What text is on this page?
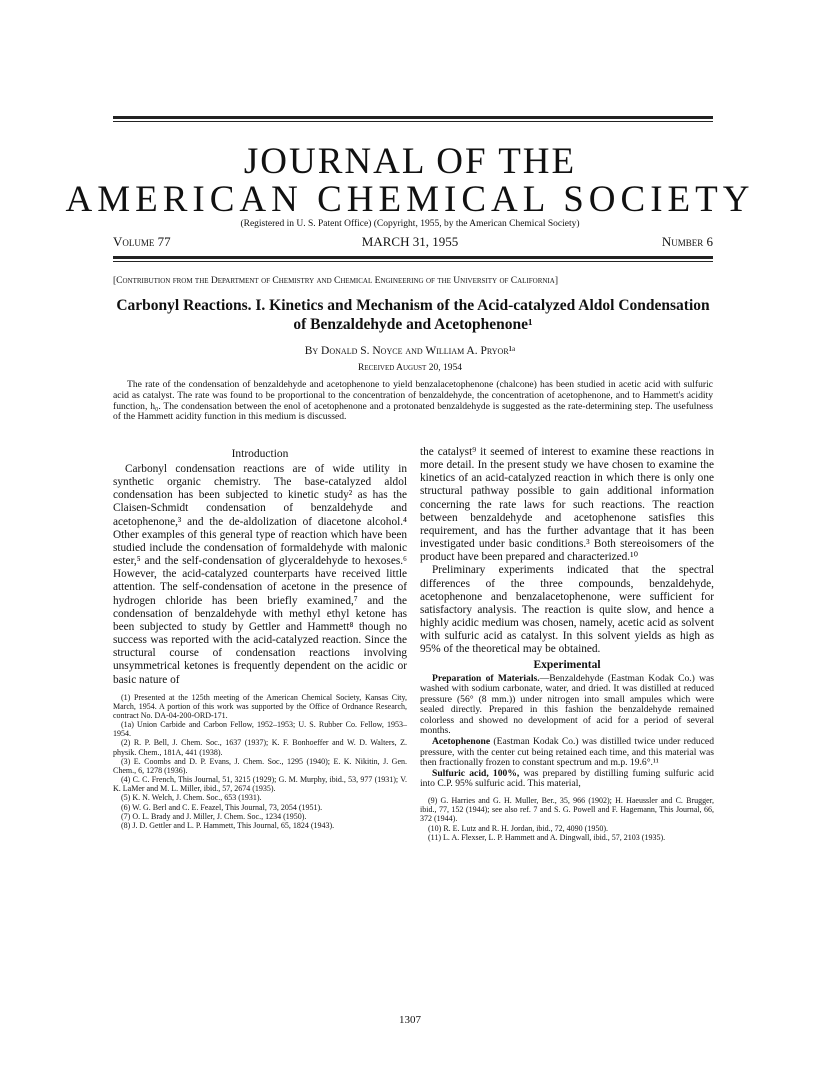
JOURNAL OF THE
AMERICAN CHEMICAL SOCIETY
(Registered in U. S. Patent Office) (Copyright, 1955, by the American Chemical Society)
Volume 77	MARCH 31, 1955	Number 6
[Contribution from the Department of Chemistry and Chemical Engineering of the University of California]
Carbonyl Reactions. I. Kinetics and Mechanism of the Acid-catalyzed Aldol Condensation of Benzaldehyde and Acetophenone¹
By Donald S. Noyce and William A. Pryor¹ᵃ
Received August 20, 1954
The rate of the condensation of benzaldehyde and acetophenone to yield benzalacetophenone (chalcone) has been studied in acetic acid with sulfuric acid as catalyst. The rate was found to be proportional to the concentration of benzaldehyde, the concentration of acetophenone, and to Hammett's acidity function, h₀. The condensation between the enol of acetophenone and a protonated benzaldehyde is suggested as the rate-determining step. The usefulness of the Hammett acidity function in this medium is discussed.
Introduction

Carbonyl condensation reactions are of wide utility in synthetic organic chemistry. The base-catalyzed aldol condensation has been subjected to kinetic study² as has the Claisen-Schmidt condensation of benzaldehyde and acetophenone,³ and the de-aldolization of diacetone alcohol.⁴ Other examples of this general type of reaction which have been studied include the condensation of formaldehyde with malonic ester,⁵ and the self-condensation of glyceraldehyde to hexoses.⁶ However, the acid-catalyzed counterparts have received little attention. The self-condensation of acetone in the presence of hydrogen chloride has been briefly examined,⁷ and the condensation of benzaldehyde with methyl ethyl ketone has been subjected to study by Gettler and Hammett⁸ though no success was reported with the acid-catalyzed reaction. Since the structural course of condensation reactions involving unsymmetrical ketones is frequently dependent on the acidic or basic nature of

(1) Presented at the 125th meeting of the American Chemical Society, Kansas City, March, 1954. A portion of this work was supported by the Office of Ordnance Research, contract No. DA-04-200-ORD-171.

(1a) Union Carbide and Carbon Fellow, 1952–1953; U. S. Rubber Co. Fellow, 1953–1954.

(2) R. P. Bell, J. Chem. Soc., 1637 (1937); K. F. Bonhoeffer and W. D. Walters, Z. physik. Chem., 181A, 441 (1938).

(3) E. Coombs and D. P. Evans, J. Chem. Soc., 1295 (1940); E. K. Nikitin, J. Gen. Chem., 6, 1278 (1936).

(4) C. C. French, This Journal, 51, 3215 (1929); G. M. Murphy, ibid., 53, 977 (1931); V. K. LaMer and M. L. Miller, ibid., 57, 2674 (1935).

(5) K. N. Welch, J. Chem. Soc., 653 (1931).

(6) W. G. Berl and C. E. Feazel, This Journal, 73, 2054 (1951).

(7) O. L. Brady and J. Miller, J. Chem. Soc., 1234 (1950).

(8) J. D. Gettler and L. P. Hammett, This Journal, 65, 1824 (1943).

the catalyst⁹ it seemed of interest to examine these reactions in more detail. In the present study we have chosen to examine the kinetics of an acid-catalyzed reaction in which there is only one structural pathway possible to gain additional information concerning the rate laws for such reactions. The reaction between benzaldehyde and acetophenone satisfies this requirement, and has the further advantage that it has been investigated under basic conditions.³ Both stereoisomers of the product have been prepared and characterized.¹⁰

Preliminary experiments indicated that the spectral differences of the three compounds, benzaldehyde, acetophenone and benzalacetophenone, were sufficient for satisfactory analysis. The reaction is quite slow, and hence a highly acidic medium was chosen, namely, acetic acid as solvent with sulfuric acid as catalyst. In this solvent yields as high as 95% of the theoretical may be obtained.

Experimental

Preparation of Materials.—Benzaldehyde (Eastman Kodak Co.) was washed with sodium carbonate, water, and dried. It was distilled at reduced pressure (56° (8 mm.)) under nitrogen into small ampules which were sealed directly. Prepared in this fashion the benzaldehyde remained colorless and showed no development of acid for a period of several months.

Acetophenone (Eastman Kodak Co.) was distilled twice under reduced pressure, with the center cut being retained each time, and this material was then fractionally frozen to constant spectrum and m.p. 19.6°.¹¹

Sulfuric acid, 100%, was prepared by distilling fuming sulfuric acid into C.P. 95% sulfuric acid. This material,

(9) G. Harries and G. H. Muller, Ber., 35, 966 (1902); H. Haeussler and C. Brugger, ibid., 77, 152 (1944); see also ref. 7 and S. G. Powell and F. Hagemann, This Journal, 66, 372 (1944).

(10) R. E. Lutz and R. H. Jordan, ibid., 72, 4090 (1950).

(11) L. A. Flexser, L. P. Hammett and A. Dingwall, ibid., 57, 2103 (1935).

1307
